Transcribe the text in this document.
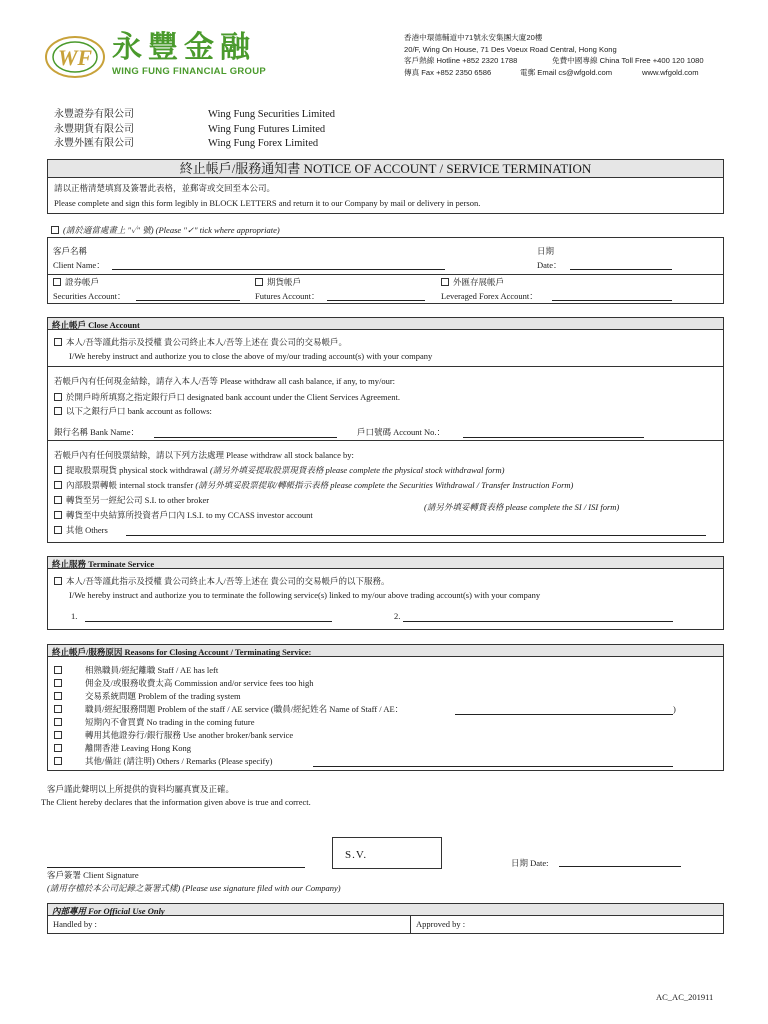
WF 永豐金融
WING FUNG FINANCIAL GROUP
香港中環德輔道中71號永安集團大廈20樓
20/F, Wing On House, 71 Des Voeux Road Central, Hong Kong
客戶熱線 Hotline +852 2320 1788	免費中國專線 China Toll Free +400 120 1080
傳真 Fax +852 2350 6586	電郵 Email cs@wfgold.com	www.wfgold.com
永豐證券有限公司	Wing Fung Securities Limited
永豐期貨有限公司	Wing Fung Futures Limited
永豐外匯有限公司	Wing Fung Forex Limited
終止帳戶/服務通知書 NOTICE OF ACCOUNT / SERVICE TERMINATION
請以正楷清楚填寫及簽署此表格，並郵寄或交回至本公司。
Please complete and sign this form legibly in BLOCK LETTERS and return it to our Company by mail or delivery in person.
(請於適當處畫上 "✓" 號) (Please "✓" tick where appropriate)
客戶名稱
Client Name：
日期
Date：
證券帳戶
Securities Account：
期貨帳戶
Futures Account：
外匯存展帳戶
Leveraged Forex Account：
終止帳戶 Close Account
本人/吾等謹此指示及授權 貴公司終止本人/吾等上述在 貴公司的交易帳戶。
I/We hereby instruct and authorize you to close the above of my/our trading account(s) with your company
若帳戶內有任何現金結餘，請存入本人/吾等 Please withdraw all cash balance, if any, to my/our:
於開戶時所填寫之指定銀行戶口 designated bank account under the Client Services Agreement.
以下之銀行戶口 bank account as follows:
銀行名稱 Bank Name：	戶口號碼 Account No.：
若帳戶內有任何股票結餘，請以下列方法處理 Please withdraw all stock balance by:
提取股票現貨 physical stock withdrawal (請另外填妥提取股票現貨表格 please complete the physical stock withdrawal form)
內部股票轉帳 internal stock transfer (請另外填妥股票提取/轉帳指示表格 please complete the Securities Withdrawal / Transfer Instruction Form)
轉貨至另一經紀公司 S.I. to other broker
轉貨至中央結算所投資者戶口內 I.S.I. to my CCASS investor account
(請另外填妥轉貨表格 please complete the SI / ISI form)
其他 Others
終止服務 Terminate Service
本人/吾等謹此指示及授權 貴公司終止本人/吾等上述在 貴公司的交易帳戶的以下服務。
I/We hereby instruct and authorize you to terminate the following service(s) linked to my/our above trading account(s) with your company
1.	2.
終止帳戶/服務原因 Reasons for Closing Account / Terminating Service:
相熟職員/經紀離職 Staff / AE has left
佣金及/或服務收費太高 Commission and/or service fees too high
交易系統問題 Problem of the trading system
職員/經紀服務問題 Problem of the staff / AE service (職員/經紀姓名 Name of Staff / AE：	)
短期內不會買賣 No trading in the coming future
轉用其他證券行/銀行服務 Use another broker/bank service
離開香港 Leaving Hong Kong
其他/備註 (請注明) Others / Remarks (Please specify)
客戶謹此聲明以上所提供的資料均屬真實及正確。
The Client hereby declares that the information given above is true and correct.
S.V.
客戶簽署 Client Signature
(請用存檔於本公司記錄之簽署式樣) (Please use signature filed with our Company)
日期 Date:
內部專用 For Official Use Only
Handled by :	Approved by :
AC_AC_201911
